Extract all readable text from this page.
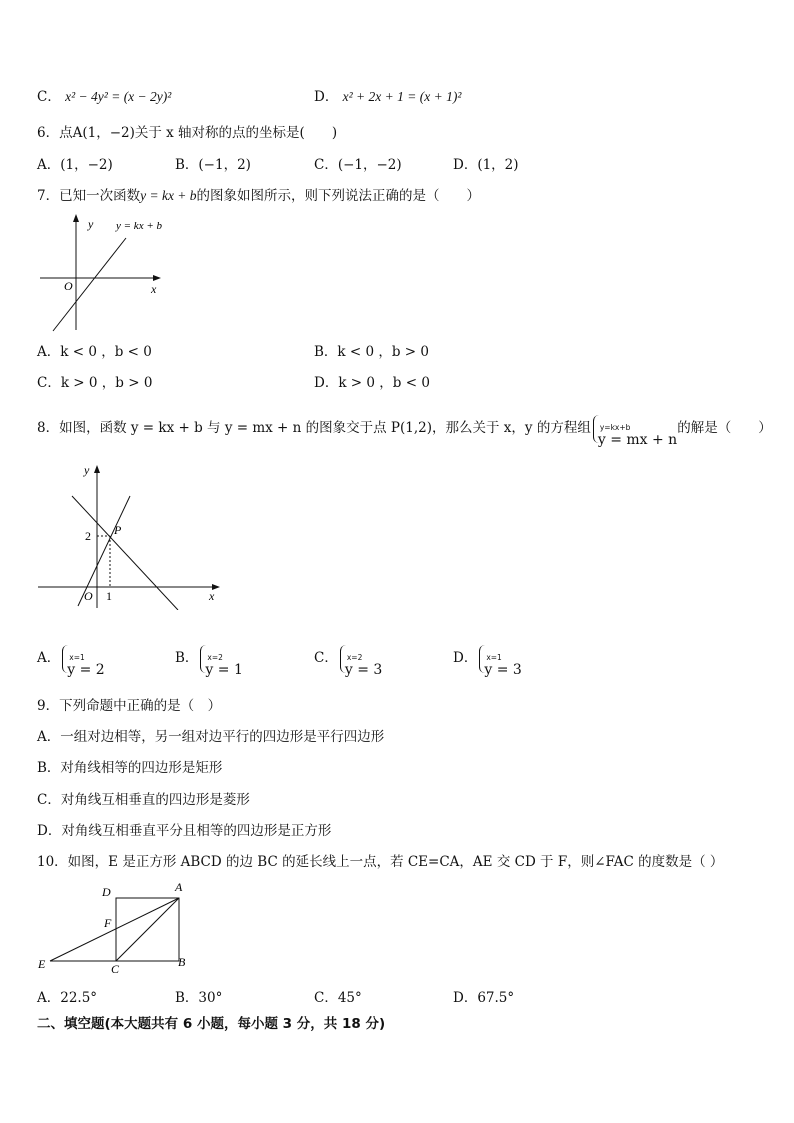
C． x² − 4y² = (x − 2y)²	D． x² + 2x + 1 = (x + 1)²
6．点A(1，−2)关于 x 轴对称的点的坐标是(　　)
A．(1，−2)	B．(−1，2)	C．(−1，−2)	D．(1，2)
7．已知一次函数y = kx + b的图象如图所示，则下列说法正确的是（　　）
y
x
O
y = kx + b
A．k < 0 ，b < 0	B．k < 0 ，b > 0
C．k > 0 ，b > 0	D．k > 0 ，b < 0
8．如图，函数 y = kx + b 与 y = mx + n 的图象交于点 P(1,2)，那么关于 x，y 的方程组 y=kx+b
y = mx + n
的解是（　　）
y
x
O
P
2
1
A． x=1
y = 2
B． x=2
y = 1
C． x=2
y = 3
D． x=1
y = 3
9．下列命题中正确的是（　）
A．一组对边相等，另一组对边平行的四边形是平行四边形
B．对角线相等的四边形是矩形
C．对角线互相垂直的四边形是菱形
D．对角线互相垂直平分且相等的四边形是正方形
10．如图，E 是正方形 ABCD 的边 BC 的延长线上一点，若 CE=CA，AE 交 CD 于 F，则∠FAC 的度数是（ ）
A
B
C
D
E
F
A．22.5°	B．30°	C．45°	D．67.5°
二、填空题(本大题共有 6 小题，每小题 3 分，共 18 分)
